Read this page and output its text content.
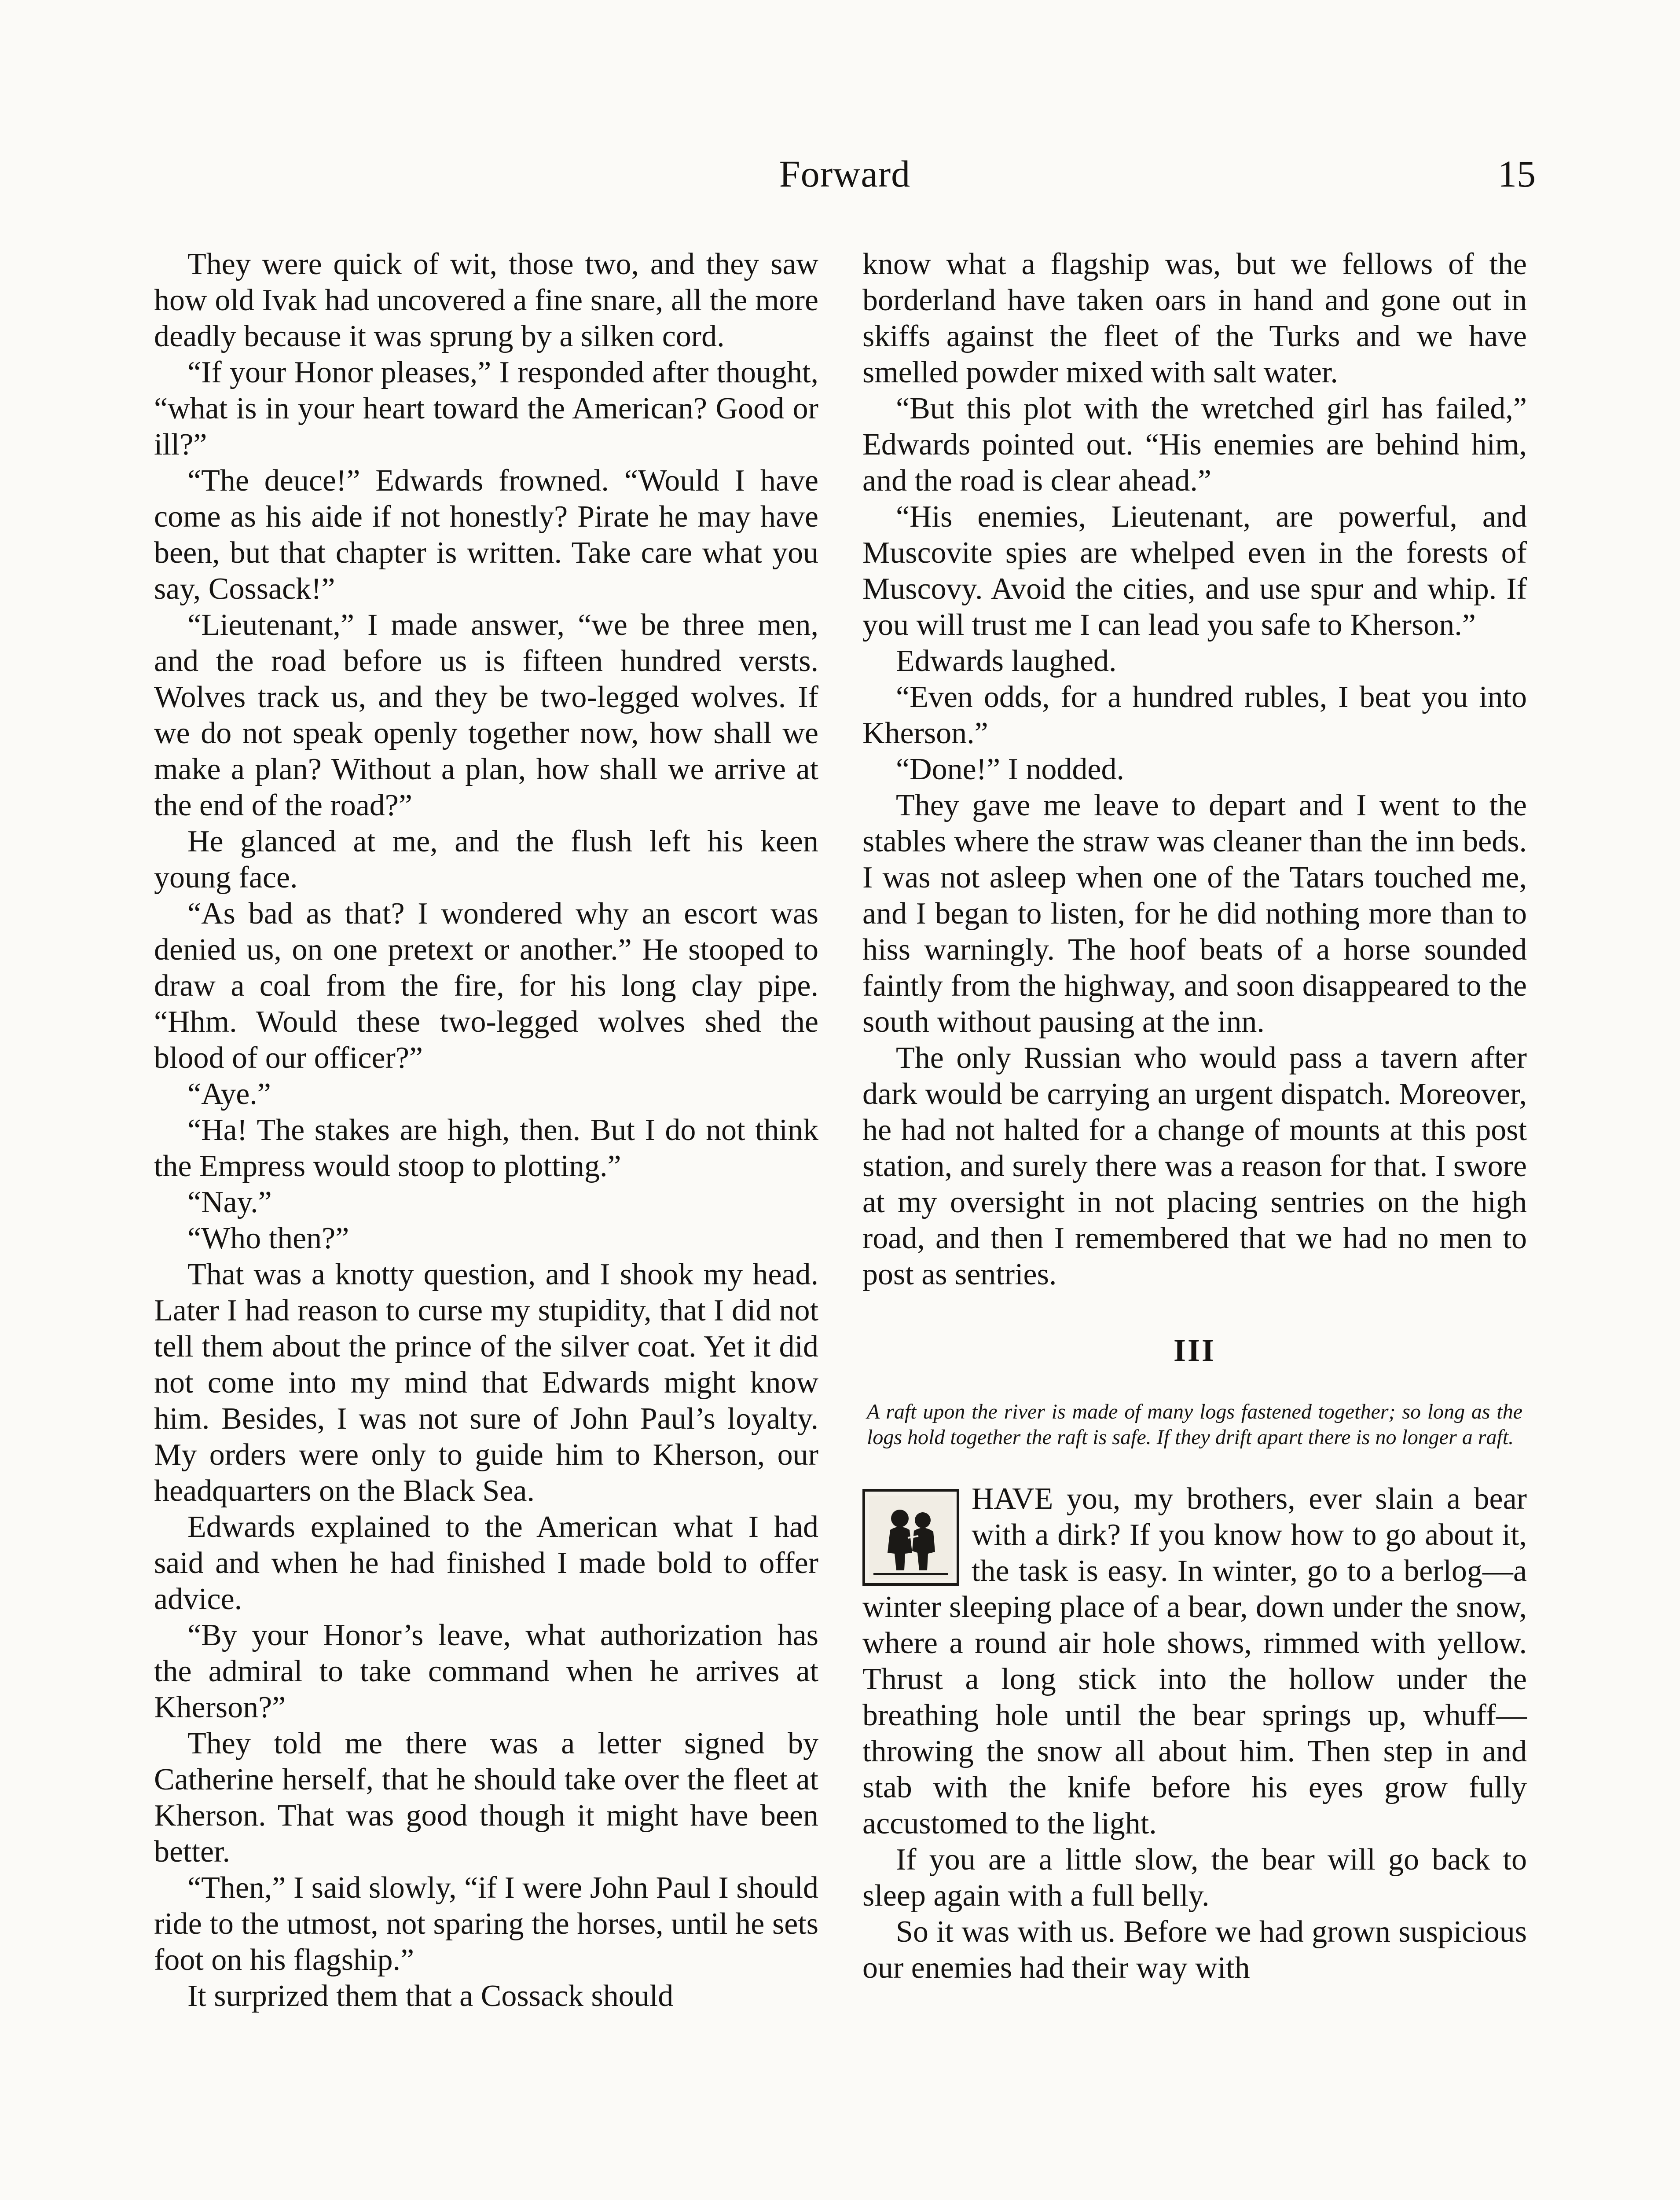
Forward	15

They were quick of wit, those two, and they saw how old Ivak had uncovered a fine snare, all the more deadly because it was sprung by a silken cord.

“If your Honor pleases,” I responded after thought, “what is in your heart toward the American? Good or ill?”

“The deuce!” Edwards frowned. “Would I have come as his aide if not honestly? Pirate he may have been, but that chapter is written. Take care what you say, Cossack!”

“Lieutenant,” I made answer, “we be three men, and the road before us is fifteen hundred versts. Wolves track us, and they be two-legged wolves. If we do not speak openly together now, how shall we make a plan? Without a plan, how shall we arrive at the end of the road?”

He glanced at me, and the flush left his keen young face.

“As bad as that? I wondered why an escort was denied us, on one pretext or another.” He stooped to draw a coal from the fire, for his long clay pipe. “Hhm. Would these two-legged wolves shed the blood of our officer?”

“Aye.”

“Ha! The stakes are high, then. But I do not think the Empress would stoop to plotting.”

“Nay.”

“Who then?”

That was a knotty question, and I shook my head. Later I had reason to curse my stupidity, that I did not tell them about the prince of the silver coat. Yet it did not come into my mind that Edwards might know him. Besides, I was not sure of John Paul’s loyalty. My orders were only to guide him to Kherson, our headquarters on the Black Sea.

Edwards explained to the American what I had said and when he had finished I made bold to offer advice.

“By your Honor’s leave, what authorization has the admiral to take command when he arrives at Kherson?”

They told me there was a letter signed by Catherine herself, that he should take over the fleet at Kherson. That was good though it might have been better.

“Then,” I said slowly, “if I were John Paul I should ride to the utmost, not sparing the horses, until he sets foot on his flagship.”

It surprized them that a Cossack should

know what a flagship was, but we fellows of the borderland have taken oars in hand and gone out in skiffs against the fleet of the Turks and we have smelled powder mixed with salt water.

“But this plot with the wretched girl has failed,” Edwards pointed out. “His enemies are behind him, and the road is clear ahead.”

“His enemies, Lieutenant, are powerful, and Muscovite spies are whelped even in the forests of Muscovy. Avoid the cities, and use spur and whip. If you will trust me I can lead you safe to Kherson.”

Edwards laughed.

“Even odds, for a hundred rubles, I beat you into Kherson.”

“Done!” I nodded.

They gave me leave to depart and I went to the stables where the straw was cleaner than the inn beds. I was not asleep when one of the Tatars touched me, and I began to listen, for he did nothing more than to hiss warningly. The hoof beats of a horse sounded faintly from the highway, and soon disappeared to the south without pausing at the inn.

The only Russian who would pass a tavern after dark would be carrying an urgent dispatch. Moreover, he had not halted for a change of mounts at this post station, and surely there was a reason for that. I swore at my oversight in not placing sentries on the high road, and then I remembered that we had no men to post as sentries.

III
A raft upon the river is made of many logs fastened together; so long as the logs hold together the raft is safe. If they drift apart there is no longer a raft.

HAVE you, my brothers, ever slain a bear with a dirk? If you know how to go about it, the task is easy. In winter, go to a berlog—a winter sleeping place of a bear, down under the snow, where a round air hole shows, rimmed with yellow. Thrust a long stick into the hollow under the breathing hole until the bear springs up, whuff—throwing the snow all about him. Then step in and stab with the knife before his eyes grow fully accustomed to the light.

If you are a little slow, the bear will go back to sleep again with a full belly.

So it was with us. Before we had grown suspicious our enemies had their way with
